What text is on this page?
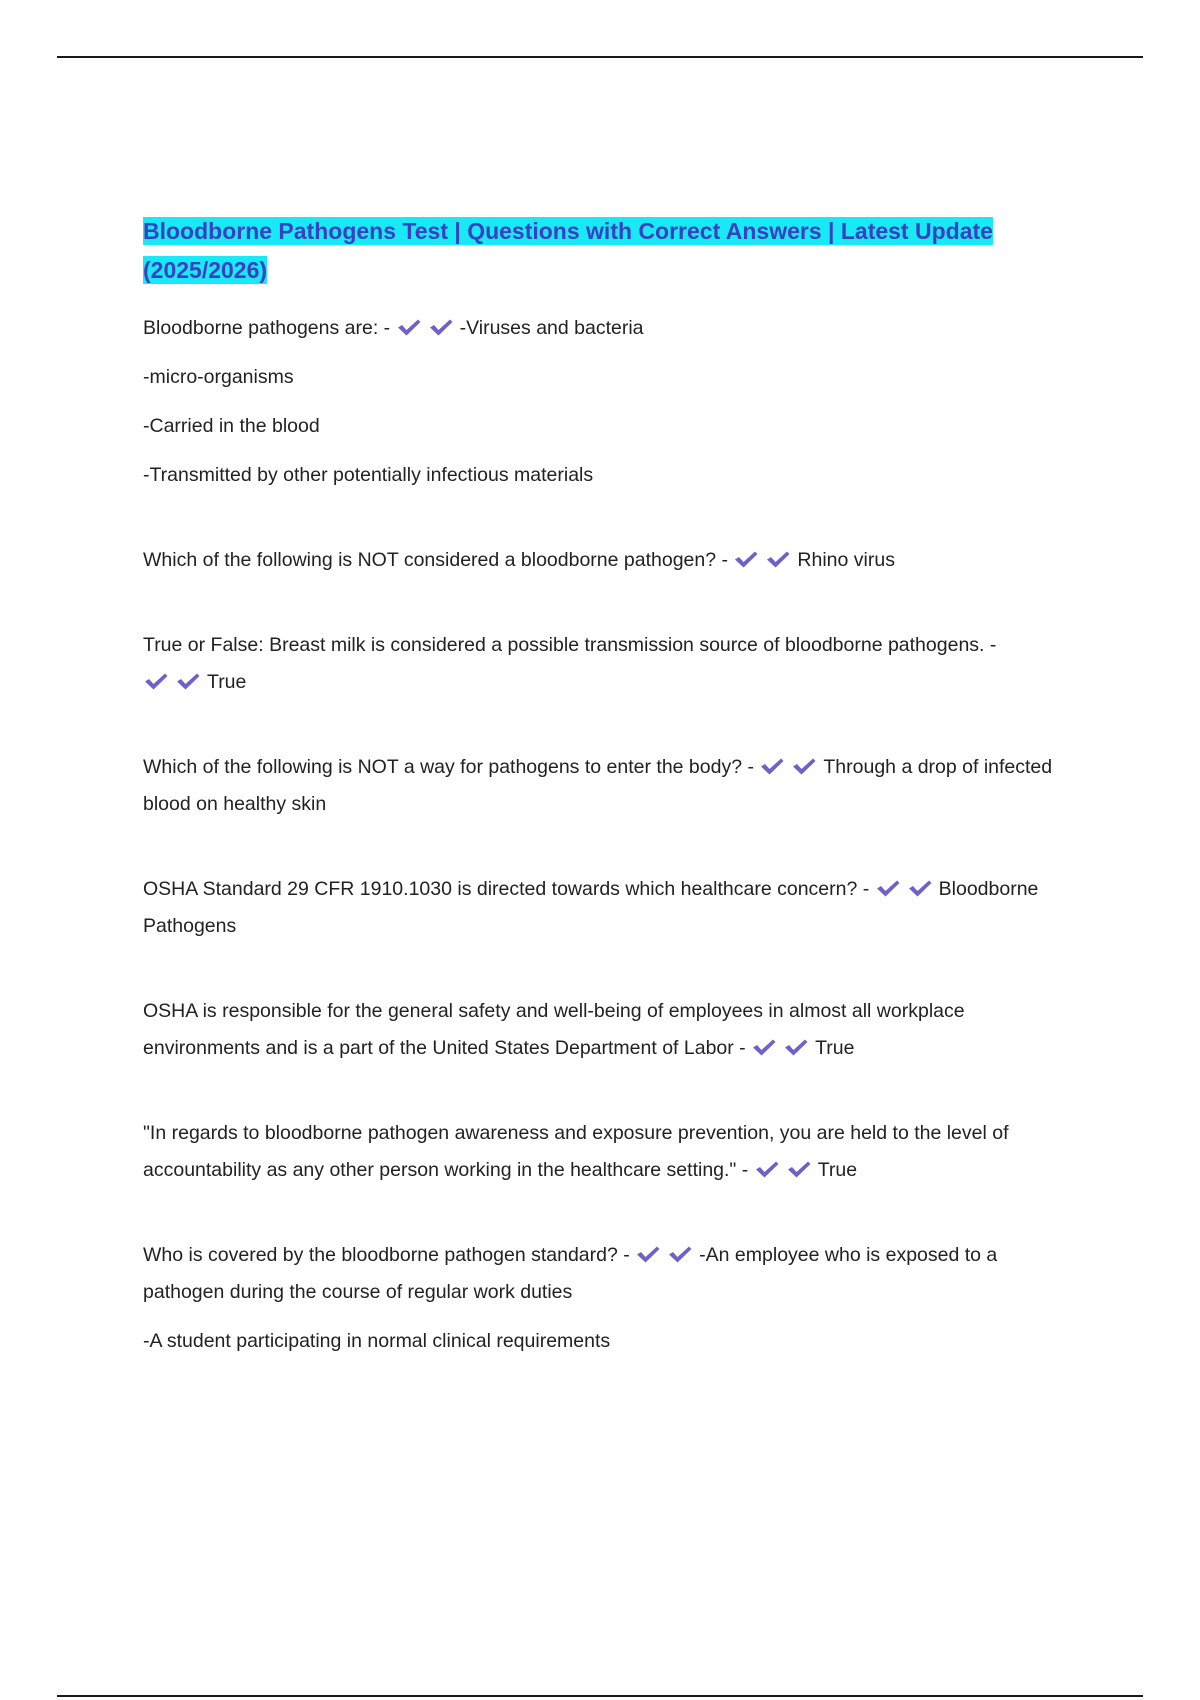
Bloodborne Pathogens Test | Questions with Correct Answers | Latest Update
(2025/2026)

Bloodborne pathogens are: -	-Viruses and bacteria

-micro-organisms

-Carried in the blood

-Transmitted by other potentially infectious materials

Which of the following is NOT considered a bloodborne pathogen? -	Rhino virus

True or False: Breast milk is considered a possible transmission source of bloodborne pathogens. - True

Which of the following is NOT a way for pathogens to enter the body? -	Through a drop of infected blood on healthy skin

OSHA Standard 29 CFR 1910.1030 is directed towards which healthcare concern? -	Bloodborne Pathogens

OSHA is responsible for the general safety and well-being of employees in almost all workplace environments and is a part of the United States Department of Labor -	True

"In regards to bloodborne pathogen awareness and exposure prevention, you are held to the level of accountability as any other person working in the healthcare setting." -	True

Who is covered by the bloodborne pathogen standard? -	-An employee who is exposed to a pathogen during the course of regular work duties

-A student participating in normal clinical requirements
